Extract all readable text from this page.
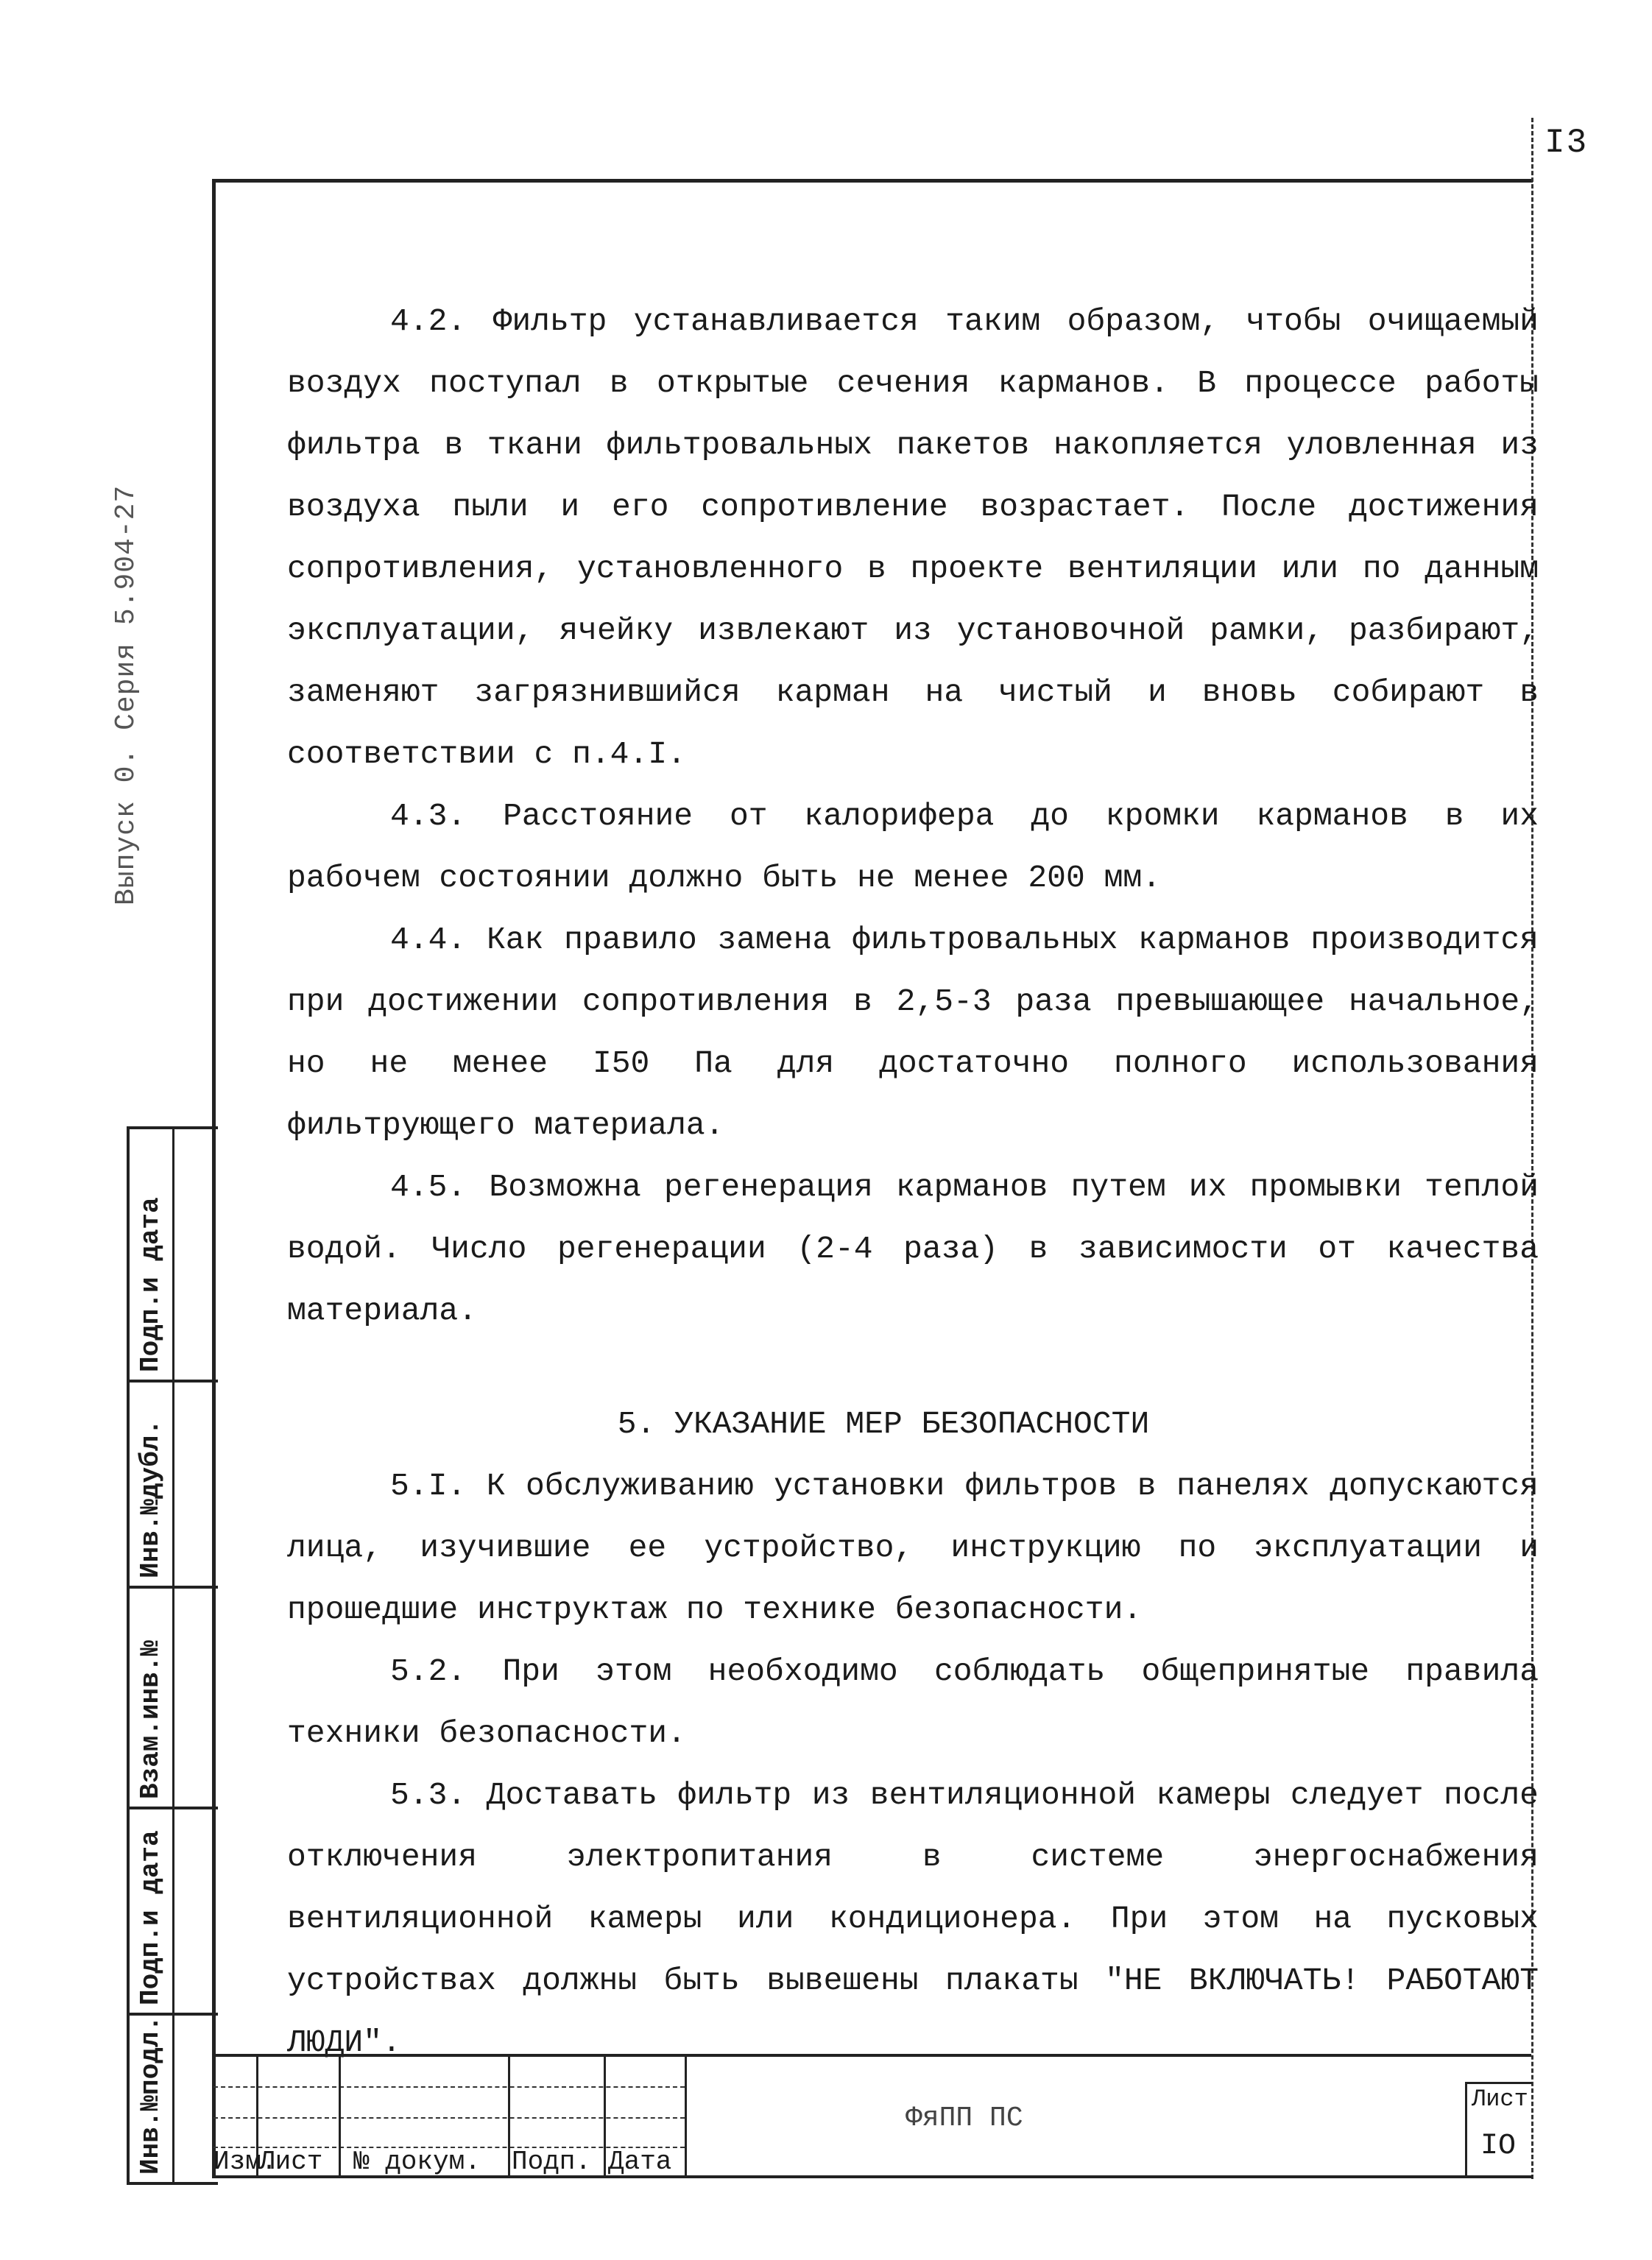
I3
Выпуск 0. Серия 5.904-27
Подп.и дата
Инв.№дубл.
Взам.инв.№
Подп.и дата
Инв.№подл.

4.2. Фильтр устанавливается таким образом, чтобы очищаемый воздух поступал в открытые сечения карманов. В процессе работы фильтра в ткани фильтровальных пакетов накопляется уловленная из воздуха пыли и его сопротивление возрастает. После достижения сопротивления, установленного в проекте вентиляции или по данным эксплуатации, ячейку извлекают из установочной рамки, разбирают, заменяют загрязнившийся карман на чистый и вновь собирают в соответствии с п.4.I.

4.3. Расстояние от калорифера до кромки карманов в их рабочем состоянии должно быть не менее 200 мм.

4.4. Как правило замена фильтровальных карманов производится при достижении сопротивления в 2,5-3 раза превышающее начальное, но не менее I50 Па для достаточно полного использования фильтрующего материала.

4.5. Возможна регенерация карманов путем их промывки теплой водой. Число регенерации (2-4 раза) в зависимости от качества материала.

5. УКАЗАНИЕ МЕР БЕЗОПАСНОСТИ

5.I. К обслуживанию установки фильтров в панелях допускаются лица, изучившие ее устройство, инструкцию по эксплуатации и прошедшие инструктаж по технике безопасности.

5.2. При этом необходимо соблюдать общепринятые правила техники безопасности.

5.3. Доставать фильтр из вентиляционной камеры следует после отключения электропитания в системе энергоснабжения вентиляционной камеры или кондиционера. При этом на пусковых устройствах должны быть вывешены плакаты "НЕ ВКЛЮЧАТЬ! РАБОТАЮТ ЛЮДИ".

Изм.
Лист № докум. Подп. Дата
ФяПП ПС
Лист
IO
